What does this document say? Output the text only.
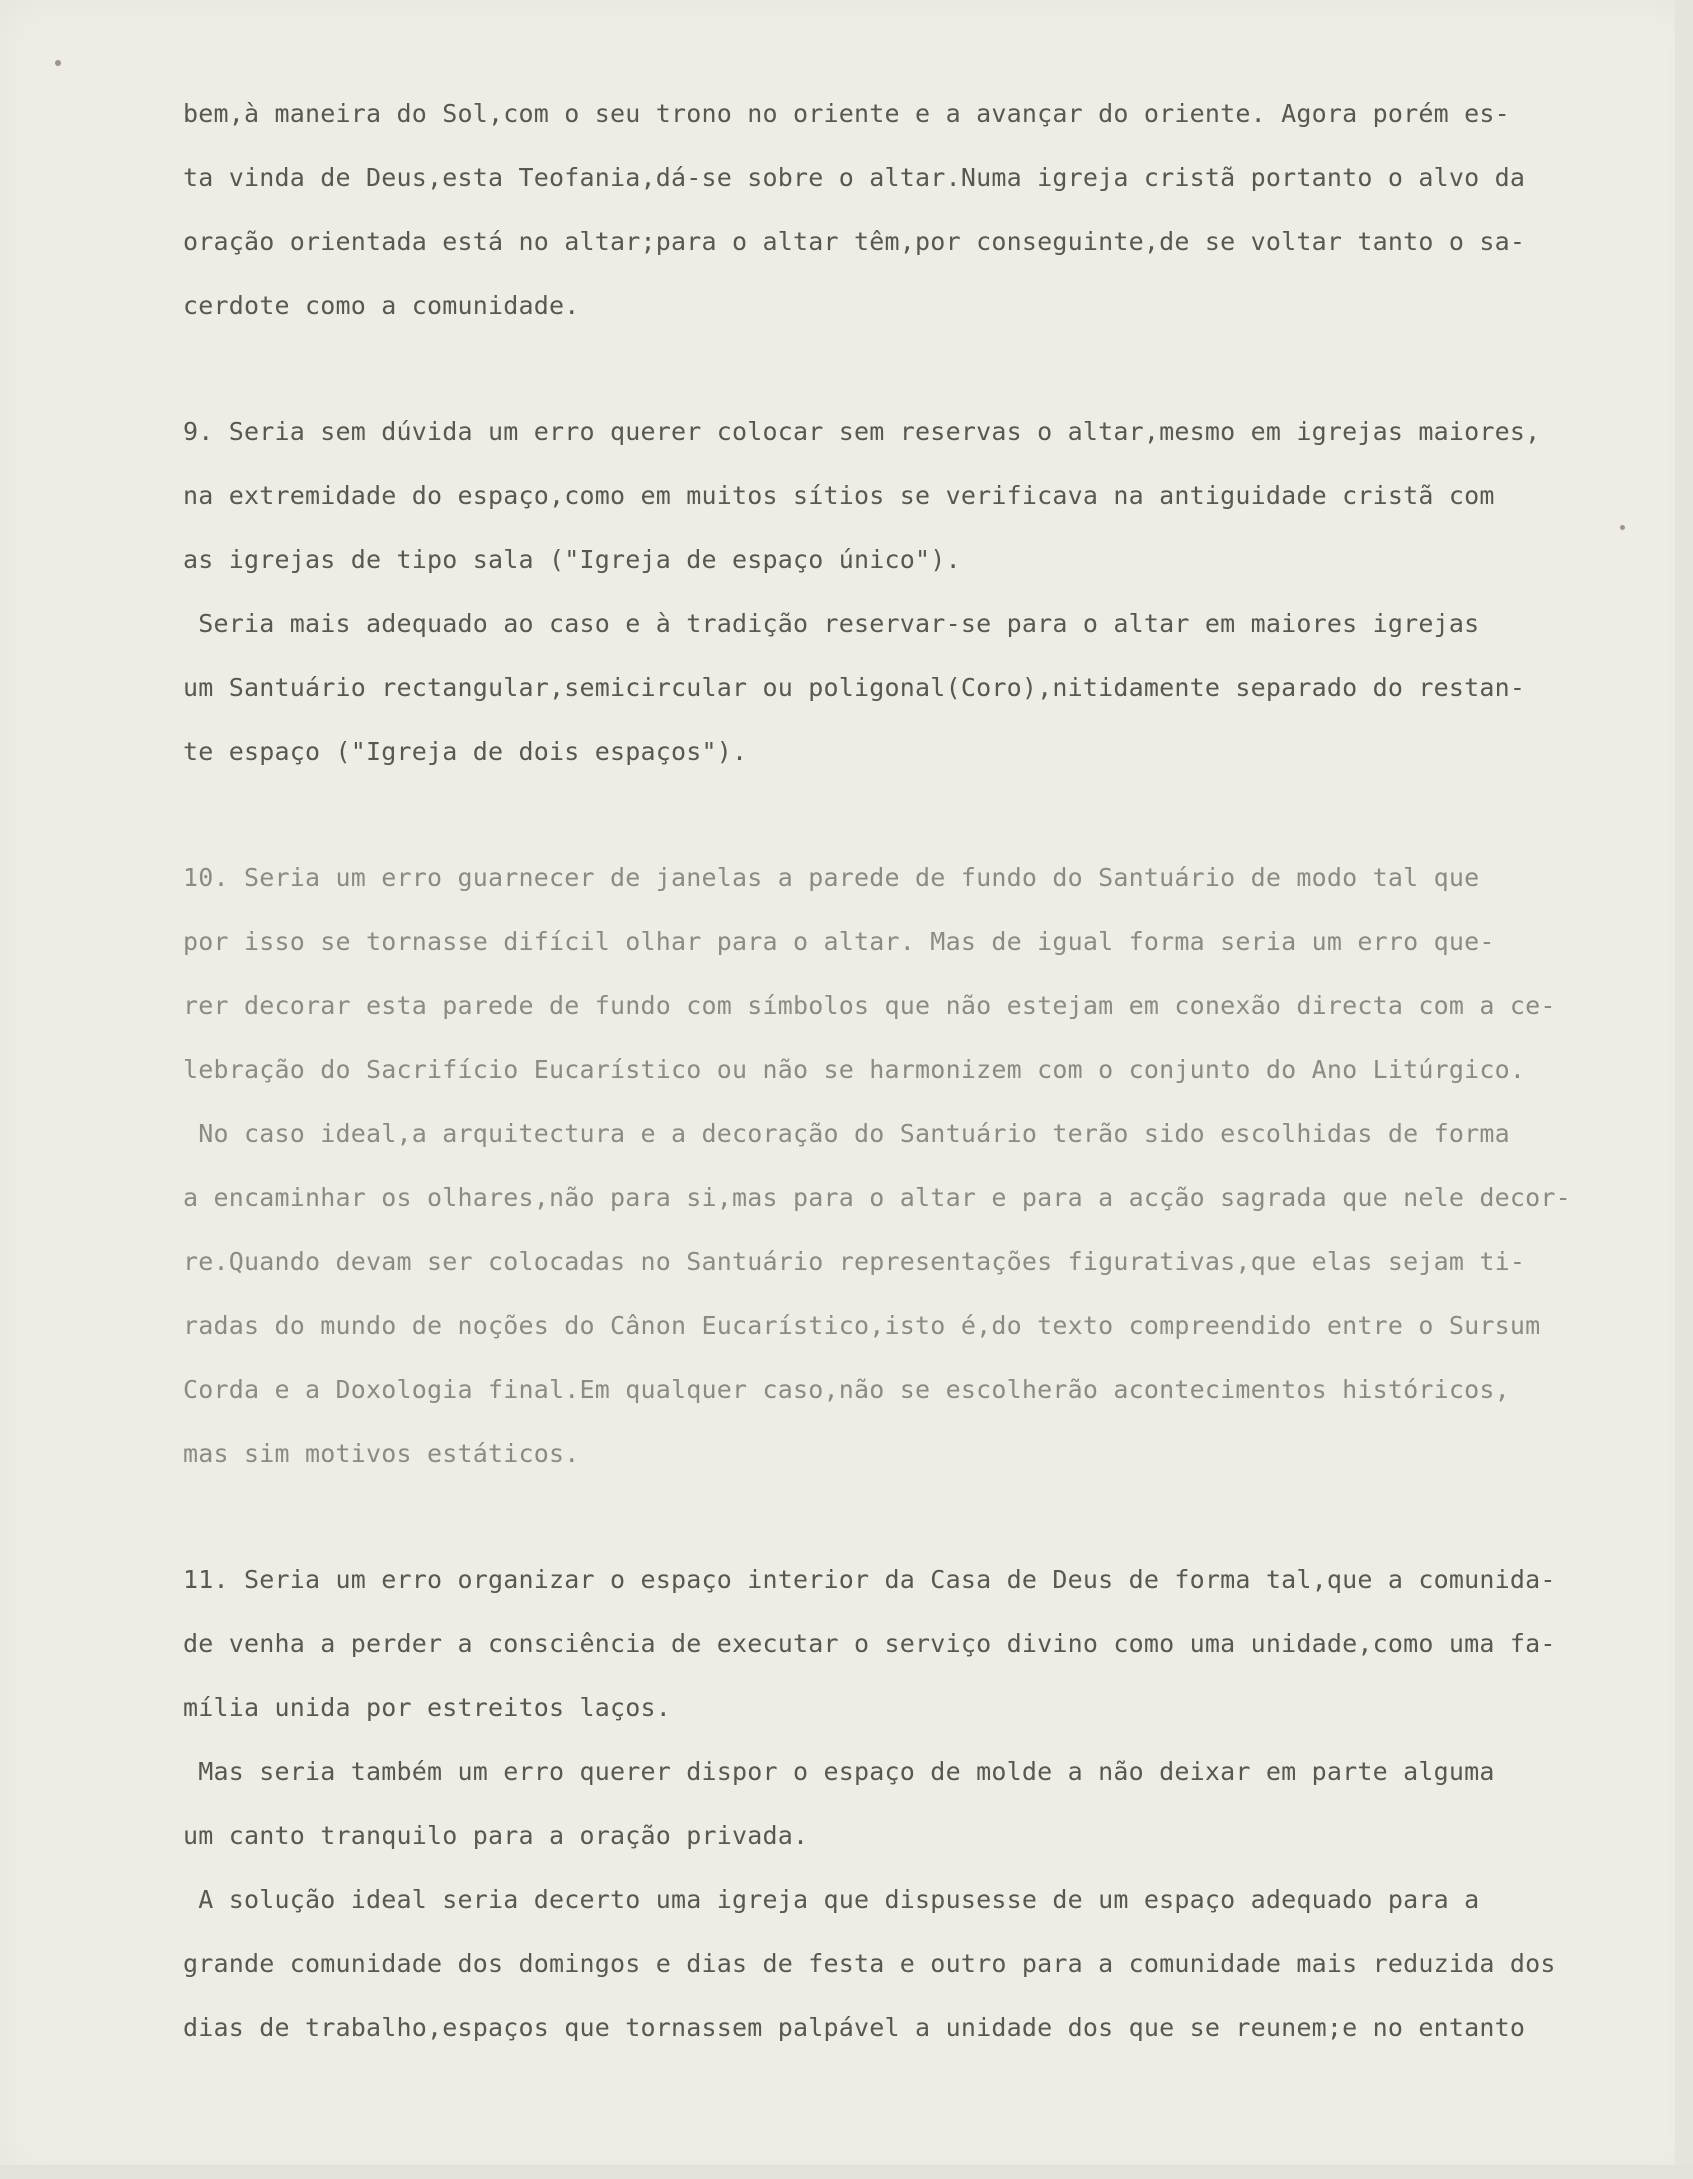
bem,à maneira do Sol,com o seu trono no oriente e a avançar do oriente. Agora porém es-
ta vinda de Deus,esta Teofania,dá-se sobre o altar.Numa igreja cristã portanto o alvo da
oração orientada está no altar;para o altar têm,por conseguinte,de se voltar tanto o sa-
cerdote como a comunidade.
9. Seria sem dúvida um erro querer colocar sem reservas o altar,mesmo em igrejas maiores,
na extremidade do espaço,como em muitos sítios se verificava na antiguidade cristã com
as igrejas de tipo sala ("Igreja de espaço único").
Seria mais adequado ao caso e à tradição reservar-se para o altar em maiores igrejas
um Santuário rectangular,semicircular ou poligonal(Coro),nitidamente separado do restan-
te espaço ("Igreja de dois espaços").
10. Seria um erro guarnecer de janelas a parede de fundo do Santuário de modo tal que
por isso se tornasse difícil olhar para o altar. Mas de igual forma seria um erro que-
rer decorar esta parede de fundo com símbolos que não estejam em conexão directa com a ce-
lebração do Sacrifício Eucarístico ou não se harmonizem com o conjunto do Ano Litúrgico.
No caso ideal,a arquitectura e a decoração do Santuário terão sido escolhidas de forma
a encaminhar os olhares,não para si,mas para o altar e para a acção sagrada que nele decor-
re.Quando devam ser colocadas no Santuário representações figurativas,que elas sejam ti-
radas do mundo de noções do Cânon Eucarístico,isto é,do texto compreendido entre o Sursum
Corda e a Doxologia final.Em qualquer caso,não se escolherão acontecimentos históricos,
mas sim motivos estáticos.
11. Seria um erro organizar o espaço interior da Casa de Deus de forma tal,que a comunida-
de venha a perder a consciência de executar o serviço divino como uma unidade,como uma fa-
mília unida por estreitos laços.
Mas seria também um erro querer dispor o espaço de molde a não deixar em parte alguma
um canto tranquilo para a oração privada.
A solução ideal seria decerto uma igreja que dispusesse de um espaço adequado para a
grande comunidade dos domingos e dias de festa e outro para a comunidade mais reduzida dos
dias de trabalho,espaços que tornassem palpável a unidade dos que se reunem;e no entanto
